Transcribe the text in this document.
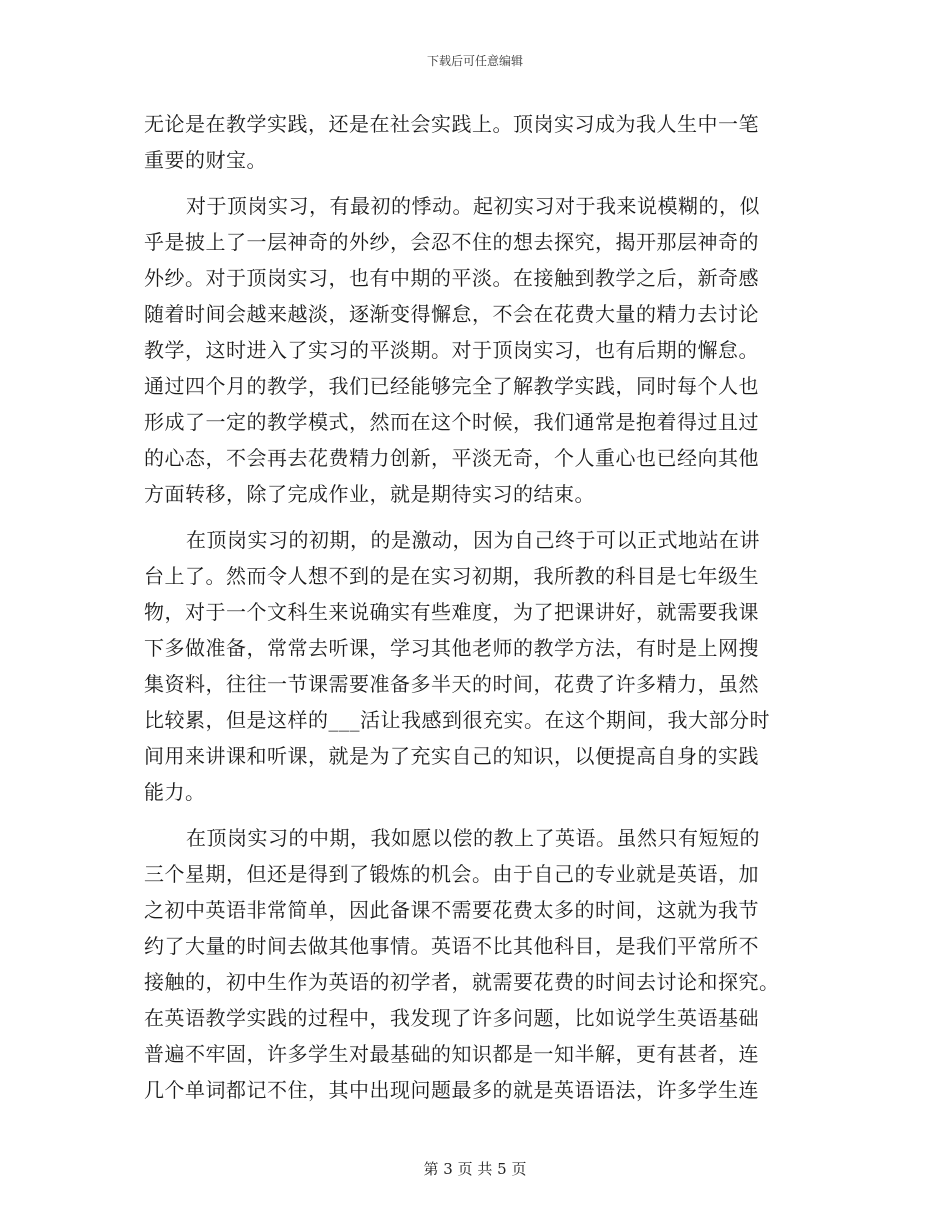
下载后可任意编辑
无论是在教学实践，还是在社会实践上。顶岗实习成为我人生中一笔
重要的财宝。
对于顶岗实习，有最初的悸动。起初实习对于我来说模糊的，似
乎是披上了一层神奇的外纱，会忍不住的想去探究，揭开那层神奇的
外纱。对于顶岗实习，也有中期的平淡。在接触到教学之后，新奇感
随着时间会越来越淡，逐渐变得懈怠，不会在花费大量的精力去讨论
教学，这时进入了实习的平淡期。对于顶岗实习，也有后期的懈怠。
通过四个月的教学，我们已经能够完全了解教学实践，同时每个人也
形成了一定的教学模式，然而在这个时候，我们通常是抱着得过且过
的心态，不会再去花费精力创新，平淡无奇，个人重心也已经向其他
方面转移，除了完成作业，就是期待实习的结束。
在顶岗实习的初期，的是激动，因为自己终于可以正式地站在讲
台上了。然而令人想不到的是在实习初期，我所教的科目是七年级生
物，对于一个文科生来说确实有些难度，为了把课讲好，就需要我课
下多做准备，常常去听课，学习其他老师的教学方法，有时是上网搜
集资料，往往一节课需要准备多半天的时间，花费了许多精力，虽然
比较累，但是这样的___活让我感到很充实。在这个期间，我大部分时
间用来讲课和听课，就是为了充实自己的知识，以便提高自身的实践
能力。
在顶岗实习的中期，我如愿以偿的教上了英语。虽然只有短短的
三个星期，但还是得到了锻炼的机会。由于自己的专业就是英语，加
之初中英语非常简单，因此备课不需要花费太多的时间，这就为我节
约了大量的时间去做其他事情。英语不比其他科目，是我们平常所不
接触的，初中生作为英语的初学者，就需要花费的时间去讨论和探究。
在英语教学实践的过程中，我发现了许多问题，比如说学生英语基础
普遍不牢固，许多学生对最基础的知识都是一知半解，更有甚者，连
几个单词都记不住，其中出现问题最多的就是英语语法，许多学生连
第 3 页 共 5 页
